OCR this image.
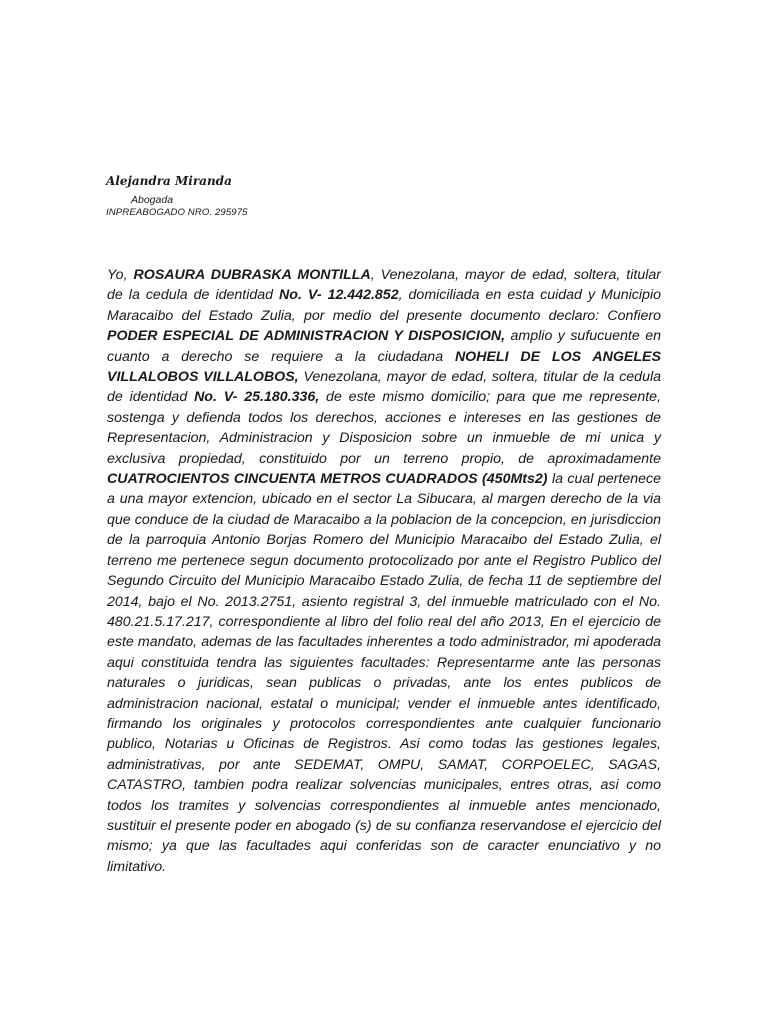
Alejandra Miranda
Abogada
INPREABOGADO NRO. 295975
Yo, ROSAURA DUBRASKA MONTILLA, Venezolana, mayor de edad, soltera, titular de la cedula de identidad No. V- 12.442.852, domiciliada en esta cuidad y Municipio Maracaibo del Estado Zulia, por medio del presente documento declaro: Confiero PODER ESPECIAL DE ADMINISTRACION Y DISPOSICION, amplio y sufucuente en cuanto a derecho se requiere a la ciudadana NOHELI DE LOS ANGELES VILLALOBOS VILLALOBOS, Venezolana, mayor de edad, soltera, titular de la cedula de identidad No. V- 25.180.336, de este mismo domicilio; para que me represente, sostenga y defienda todos los derechos, acciones e intereses en las gestiones de Representacion, Administracion y Disposicion sobre un inmueble de mi unica y exclusiva propiedad, constituido por un terreno propio, de aproximadamente CUATROCIENTOS CINCUENTA METROS CUADRADOS (450Mts2) la cual pertenece a una mayor extencion, ubicado en el sector La Sibucara, al margen derecho de la via que conduce de la ciudad de Maracaibo a la poblacion de la concepcion, en jurisdiccion de la parroquia Antonio Borjas Romero del Municipio Maracaibo del Estado Zulia, el terreno me pertenece segun documento protocolizado por ante el Registro Publico del Segundo Circuito del Municipio Maracaibo Estado Zulia, de fecha 11 de septiembre del 2014, bajo el No. 2013.2751, asiento registral 3, del inmueble matriculado con el No. 480.21.5.17.217, correspondiente al libro del folio real del año 2013, En el ejercicio de este mandato, ademas de las facultades inherentes a todo administrador, mi apoderada aqui constituida tendra las siguientes facultades: Representarme ante las personas naturales o juridicas, sean publicas o privadas, ante los entes publicos de administracion nacional, estatal o municipal; vender el inmueble antes identificado, firmando los originales y protocolos correspondientes ante cualquier funcionario publico, Notarias u Oficinas de Registros. Asi como todas las gestiones legales, administrativas, por ante SEDEMAT, OMPU, SAMAT, CORPOELEC, SAGAS, CATASTRO, tambien podra realizar solvencias municipales, entres otras, asi como todos los tramites y solvencias correspondientes al inmueble antes mencionado, sustituir el presente poder en abogado (s) de su confianza reservandose el ejercicio del mismo; ya que las facultades aqui conferidas son de caracter enunciativo y no limitativo.
